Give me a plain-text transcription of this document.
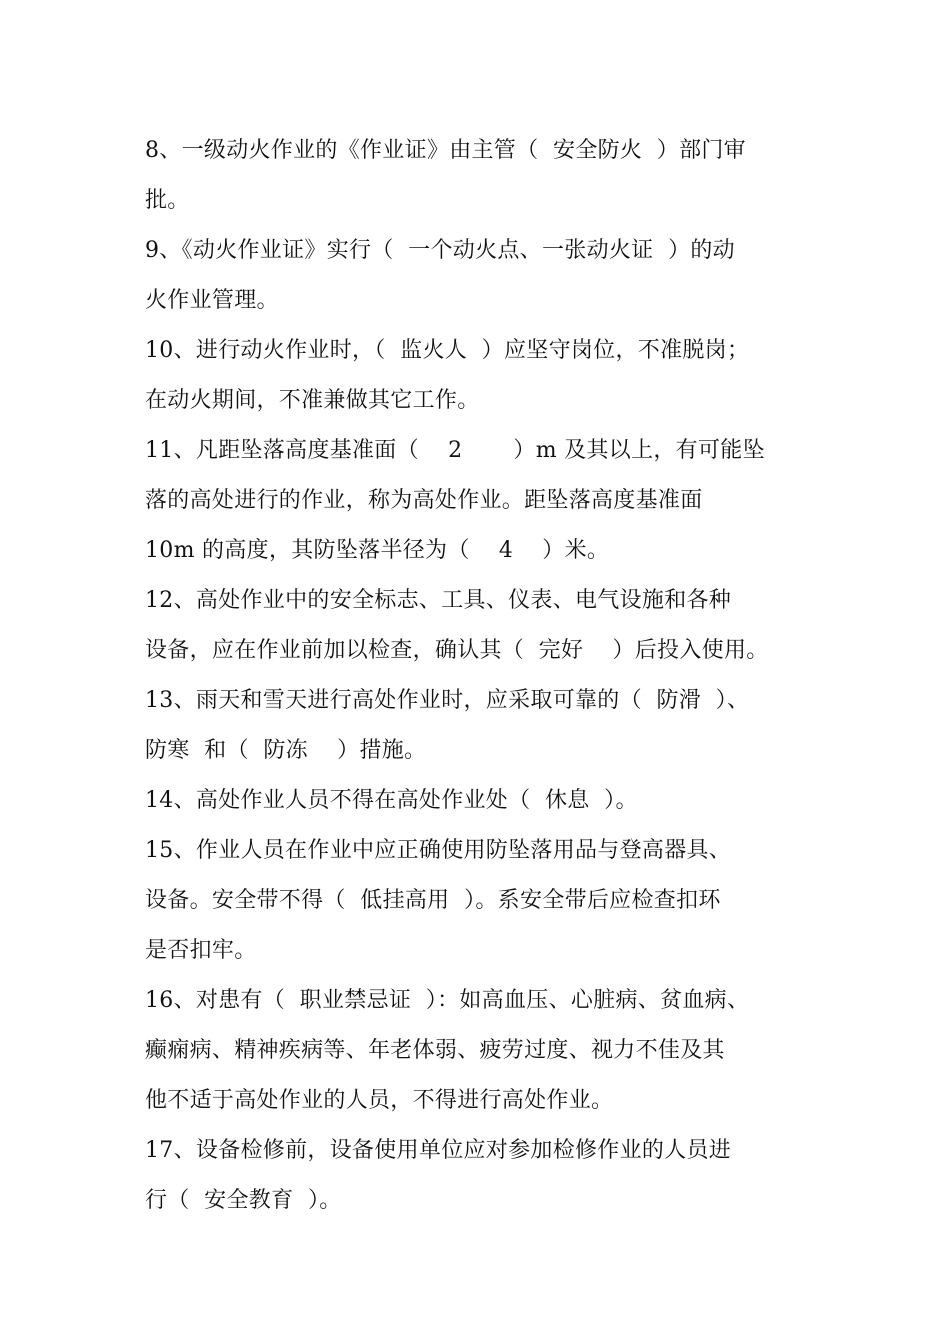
8、一级动火作业的《作业证》由主管（  安全防火  ）部门审
批。
9、《动火作业证》实行（  一个动火点、一张动火证  ）的动
火作业管理。
10、进行动火作业时，（  监火人  ）应坚守岗位，不准脱岗；
在动火期间，不准兼做其它工作。
11、凡距坠落高度基准面（    2       ）m 及其以上，有可能坠
落的高处进行的作业，称为高处作业。距坠落高度基准面
10m 的高度，其防坠落半径为（    4    ）米。
12、高处作业中的安全标志、工具、仪表、电气设施和各种
设备，应在作业前加以检查，确认其（  完好    ）后投入使用。
13、雨天和雪天进行高处作业时，应采取可靠的（  防滑  ）、
防寒  和（  防冻    ）措施。
14、高处作业人员不得在高处作业处（  休息  ）。
15、作业人员在作业中应正确使用防坠落用品与登高器具、
设备。安全带不得（  低挂高用  ）。系安全带后应检查扣环
是否扣牢。
16、对患有（  职业禁忌证  ）：如高血压、心脏病、贫血病、
癫痫病、精神疾病等、年老体弱、疲劳过度、视力不佳及其
他不适于高处作业的人员，不得进行高处作业。
17、设备检修前，设备使用单位应对参加检修作业的人员进
行（  安全教育  ）。
